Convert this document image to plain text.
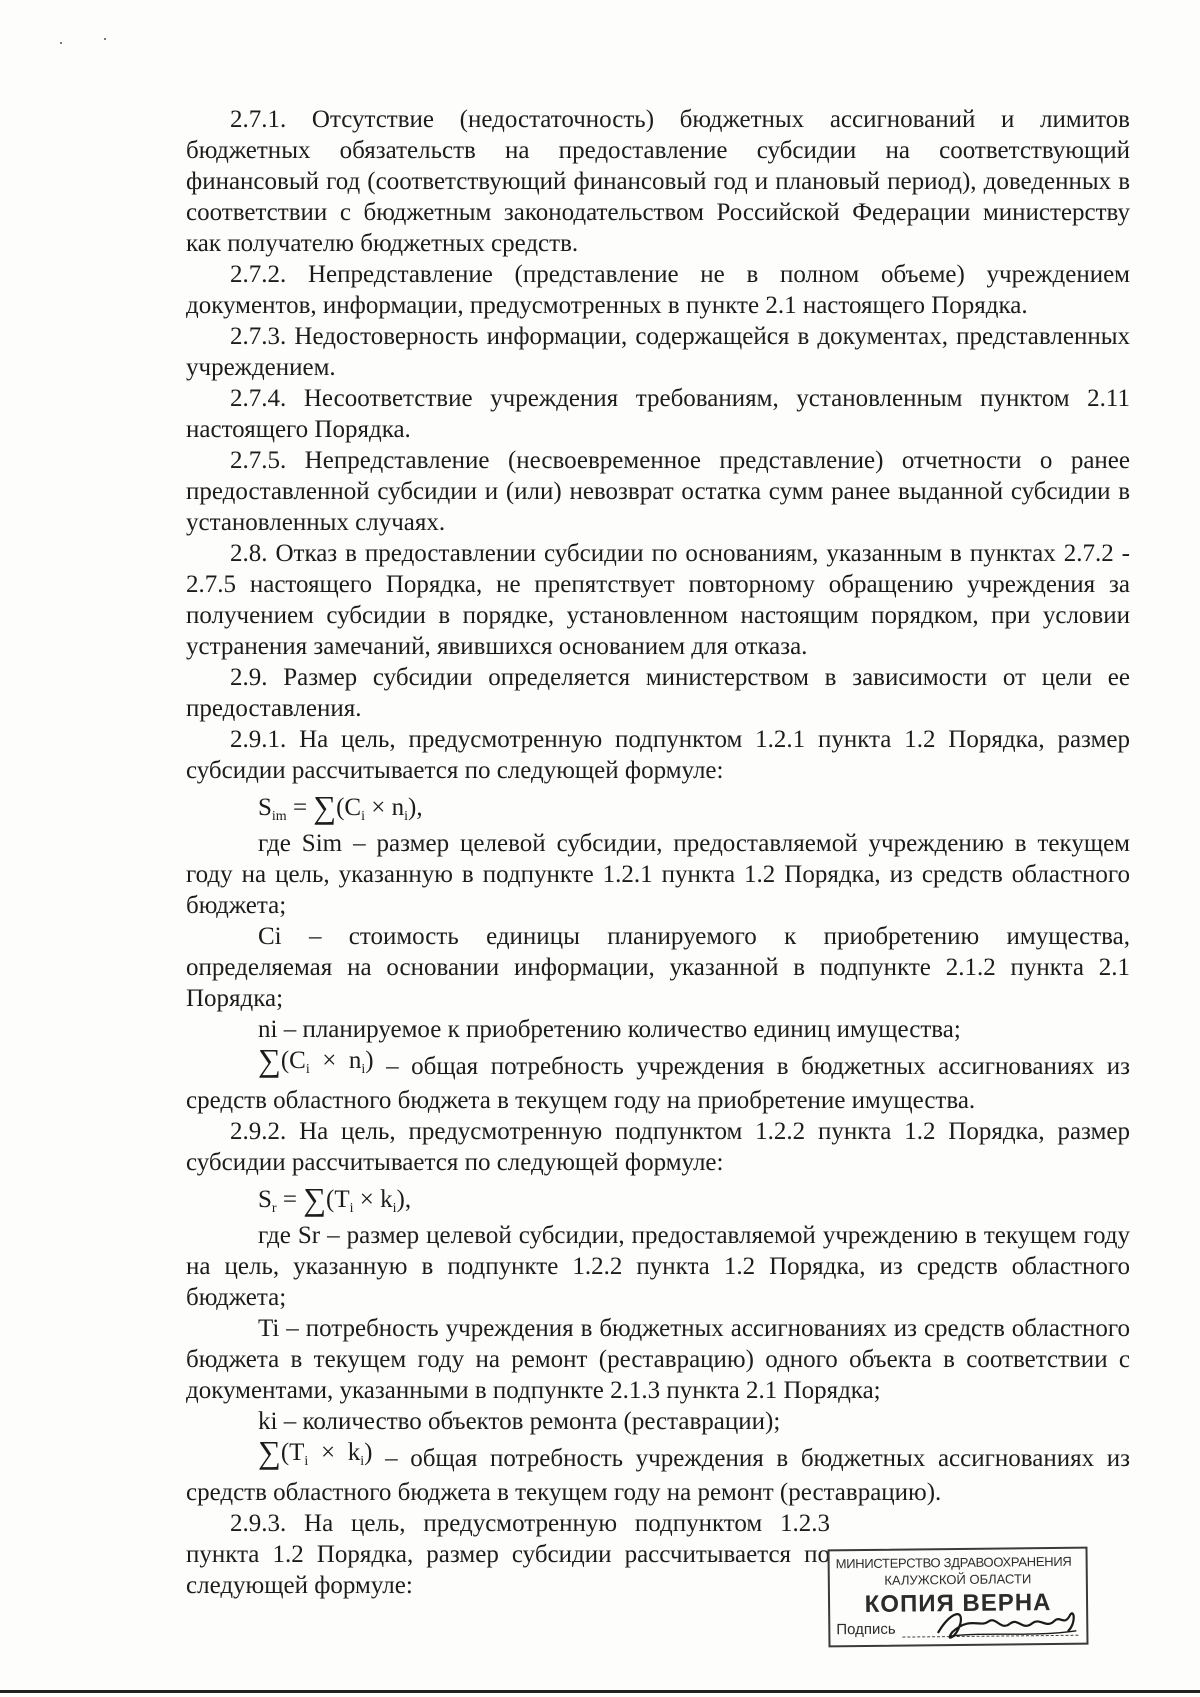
2.7.1. Отсутствие (недостаточность) бюджетных ассигнований и лимитов бюджетных обязательств на предоставление субсидии на соответствующий финансовый год (соответствующий финансовый год и плановый период), доведенных в соответствии с бюджетным законодательством Российской Федерации министерству как получателю бюджетных средств.

2.7.2. Непредставление (представление не в полном объеме) учреждением документов, информации, предусмотренных в пункте 2.1 настоящего Порядка.

2.7.3. Недостоверность информации, содержащейся в документах, представленных учреждением.

2.7.4. Несоответствие учреждения требованиям, установленным пунктом 2.11 настоящего Порядка.

2.7.5. Непредставление (несвоевременное представление) отчетности о ранее предоставленной субсидии и (или) невозврат остатка сумм ранее выданной субсидии в установленных случаях.

2.8. Отказ в предоставлении субсидии по основаниям, указанным в пунктах 2.7.2 - 2.7.5 настоящего Порядка, не препятствует повторному обращению учреждения за получением субсидии в порядке, установленном настоящим порядком, при условии устранения замечаний, явившихся основанием для отказа.

2.9. Размер субсидии определяется министерством в зависимости от цели ее предоставления.

2.9.1. На цель, предусмотренную подпунктом 1.2.1 пункта 1.2 Порядка, размер субсидии рассчитывается по следующей формуле:

$S_{im} = \sum(C_i \times n_i)$,

где Sim – размер целевой субсидии, предоставляемой учреждению в текущем году на цель, указанную в подпункте 1.2.1 пункта 1.2 Порядка, из средств областного бюджета;

Ci – стоимость единицы планируемого к приобретению имущества, определяемая на основании информации, указанной в подпункте 2.1.2 пункта 2.1 Порядка;

ni – планируемое к приобретению количество единиц имущества;

$\sum(C_i \times n_i)$ – общая потребность учреждения в бюджетных ассигнованиях из средств областного бюджета в текущем году на приобретение имущества.

2.9.2. На цель, предусмотренную подпунктом 1.2.2 пункта 1.2 Порядка, размер субсидии рассчитывается по следующей формуле:

$S_r = \sum(T_i \times k_i)$,

где Sr – размер целевой субсидии, предоставляемой учреждению в текущем году на цель, указанную в подпункте 1.2.2 пункта 1.2 Порядка, из средств областного бюджета;

Ti – потребность учреждения в бюджетных ассигнованиях из средств областного бюджета в текущем году на ремонт (реставрацию) одного объекта в соответствии с документами, указанными в подпункте 2.1.3 пункта 2.1 Порядка;

ki – количество объектов ремонта (реставрации);

$\sum(T_i \times k_i)$ – общая потребность учреждения в бюджетных ассигнованиях из средств областного бюджета в текущем году на ремонт (реставрацию).

2.9.3. На цель, предусмотренную подпунктом 1.2.3 пункта 1.2 Порядка, размер субсидии рассчитывается по следующей формуле:

МИНИСТЕРСТВО ЗДРАВООХРАНЕНИЯ
КАЛУЖСКОЙ ОБЛАСТИ
КОПИЯ ВЕРНА
Подпись
